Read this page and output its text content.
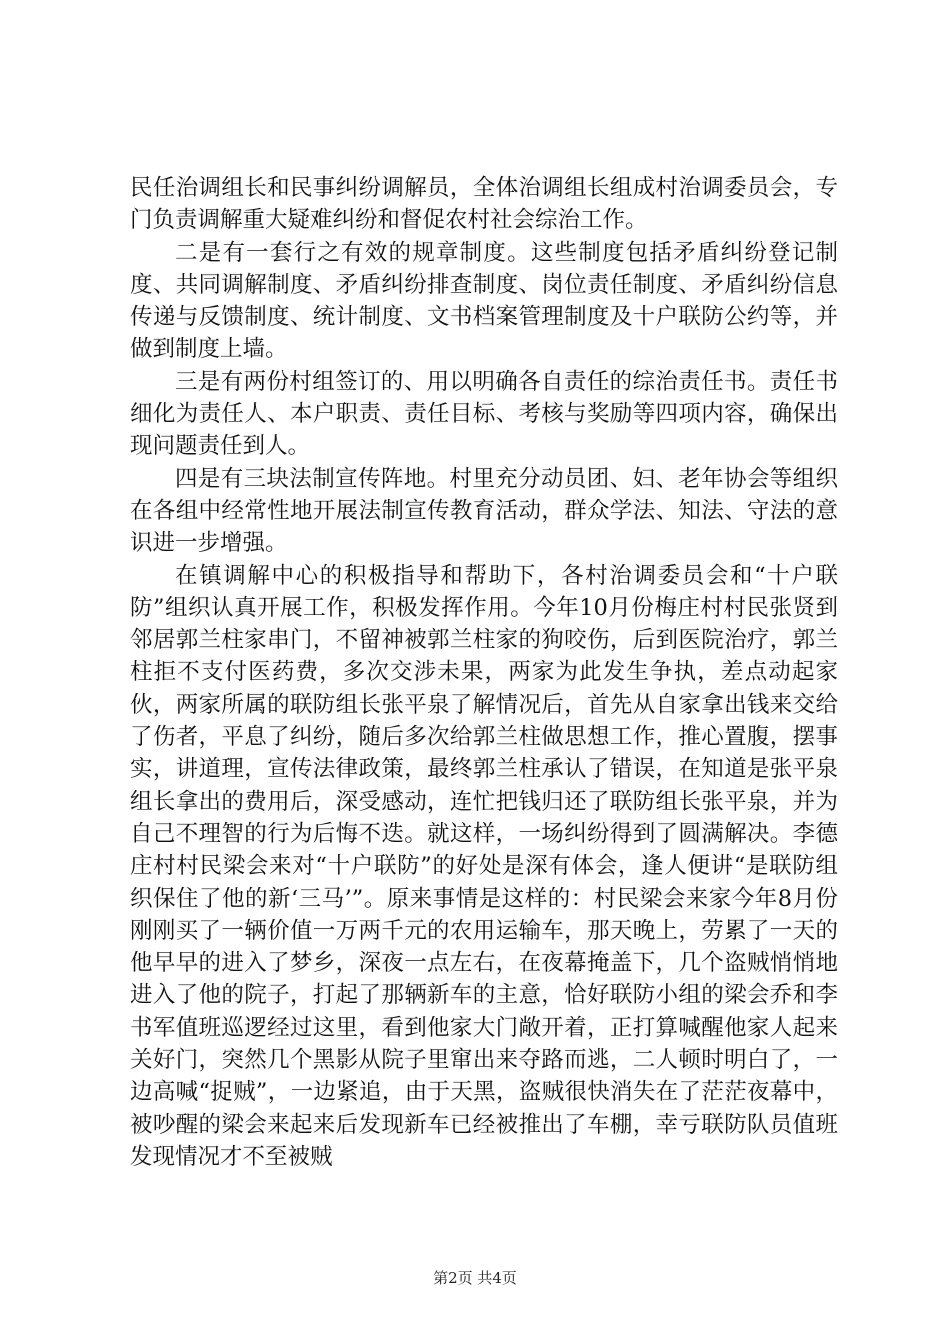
民任治调组长和民事纠纷调解员，全体治调组长组成村治调委员会，专门负责调解重大疑难纠纷和督促农村社会综治工作。

二是有一套行之有效的规章制度。这些制度包括矛盾纠纷登记制度、共同调解制度、矛盾纠纷排查制度、岗位责任制度、矛盾纠纷信息传递与反馈制度、统计制度、文书档案管理制度及十户联防公约等，并做到制度上墙。

三是有两份村组签订的、用以明确各自责任的综治责任书。责任书细化为责任人、本户职责、责任目标、考核与奖励等四项内容，确保出现问题责任到人。

四是有三块法制宣传阵地。村里充分动员团、妇、老年协会等组织在各组中经常性地开展法制宣传教育活动，群众学法、知法、守法的意识进一步增强。

在镇调解中心的积极指导和帮助下，各村治调委员会和“十户联防”组织认真开展工作，积极发挥作用。今年10月份梅庄村村民张贤到邻居郭兰柱家串门，不留神被郭兰柱家的狗咬伤，后到医院治疗，郭兰柱拒不支付医药费，多次交涉未果，两家为此发生争执，差点动起家伙，两家所属的联防组长张平泉了解情况后，首先从自家拿出钱来交给了伤者，平息了纠纷，随后多次给郭兰柱做思想工作，推心置腹，摆事实，讲道理，宣传法律政策，最终郭兰柱承认了错误，在知道是张平泉组长拿出的费用后，深受感动，连忙把钱归还了联防组长张平泉，并为自己不理智的行为后悔不迭。就这样，一场纠纷得到了圆满解决。李德庄村村民梁会来对“十户联防”的好处是深有体会，逢人便讲“是联防组织保住了他的新‘三马’”。原来事情是这样的：村民梁会来家今年8月份刚刚买了一辆价值一万两千元的农用运输车，那天晚上，劳累了一天的他早早的进入了梦乡，深夜一点左右，在夜幕掩盖下，几个盗贼悄悄地进入了他的院子，打起了那辆新车的主意，恰好联防小组的梁会乔和李书军值班巡逻经过这里，看到他家大门敞开着，正打算喊醒他家人起来关好门，突然几个黑影从院子里窜出来夺路而逃，二人顿时明白了，一边高喊“捉贼”，一边紧追，由于天黑，盗贼很快消失在了茫茫夜幕中，被吵醒的梁会来起来后发现新车已经被推出了车棚，幸亏联防队员值班发现情况才不至被贼

第2页 共4页
